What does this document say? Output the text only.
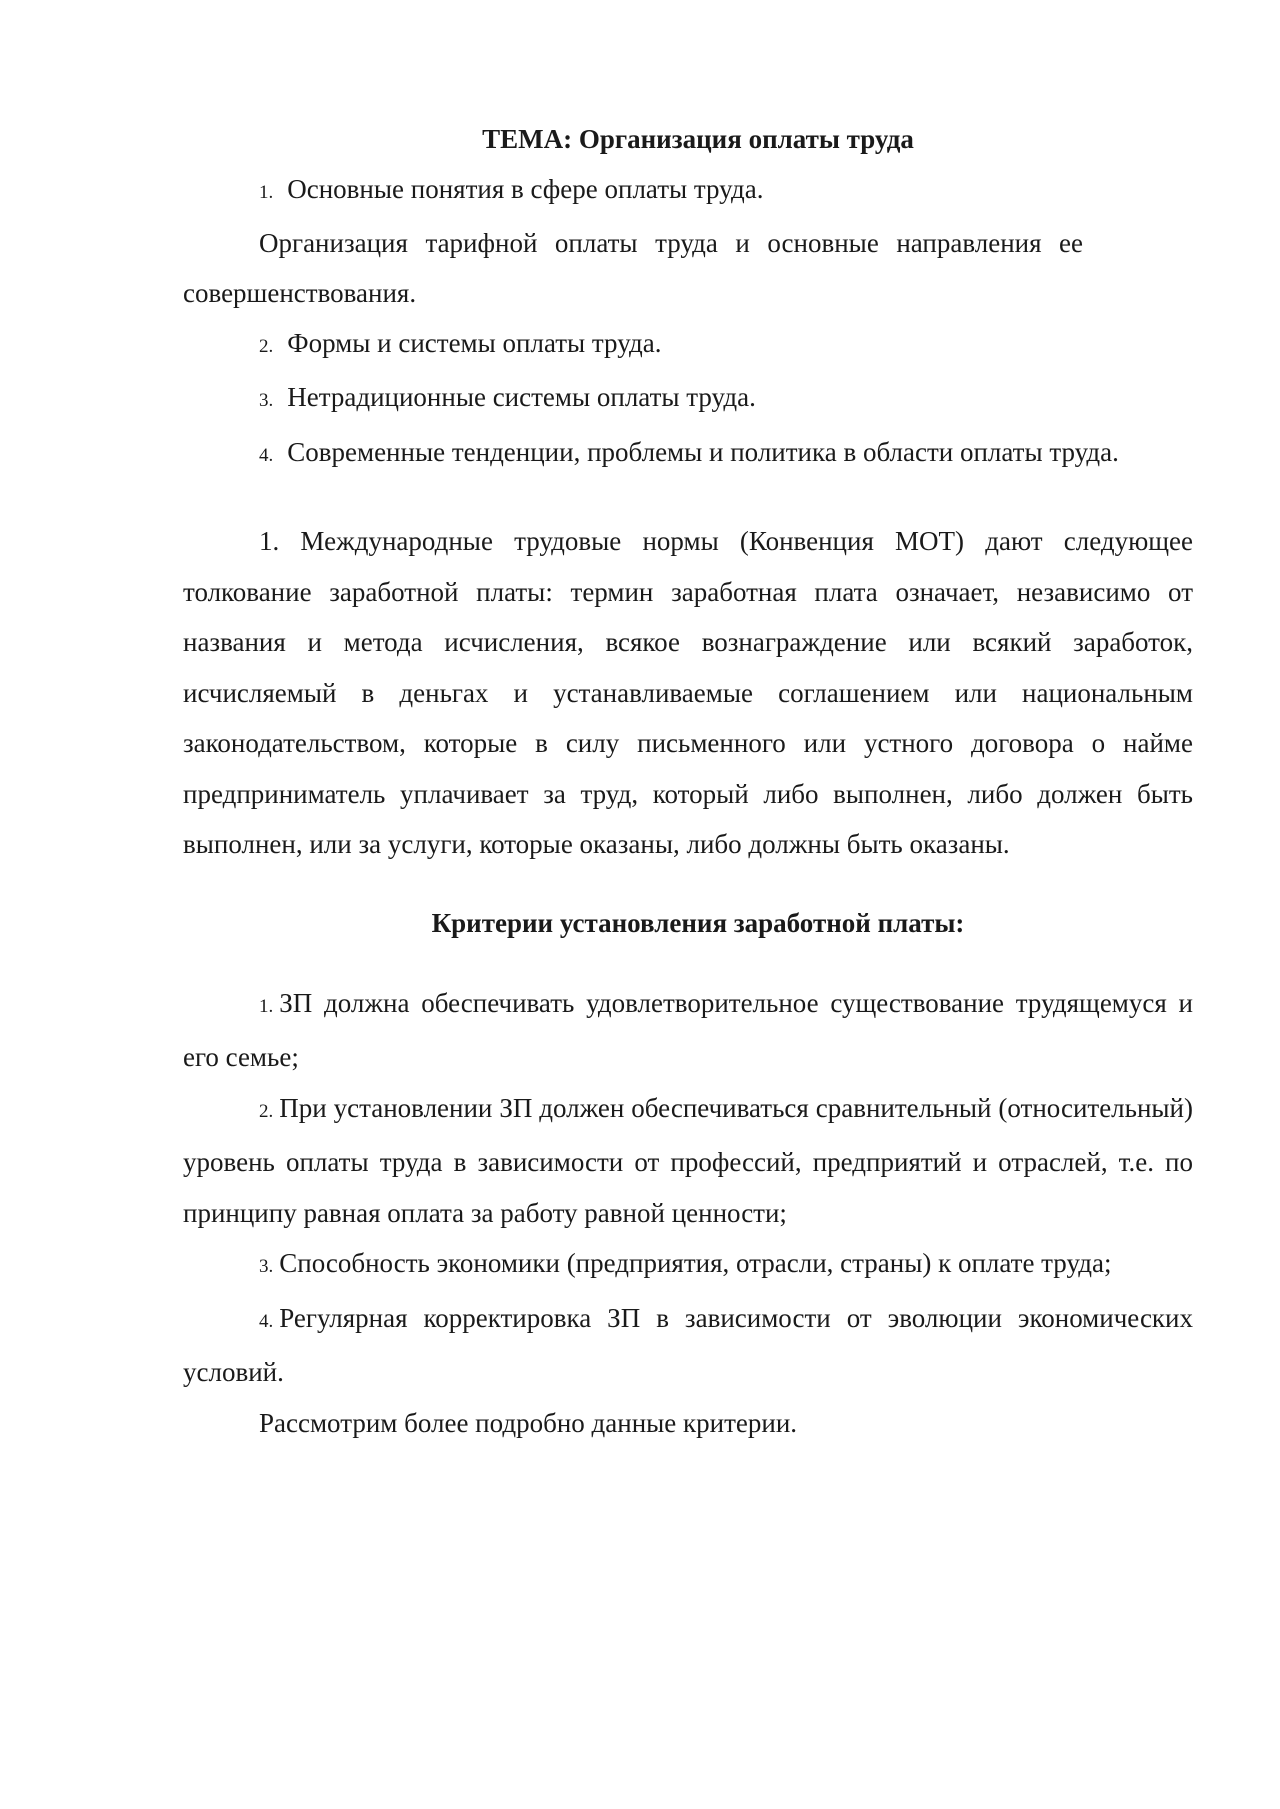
ТЕМА: Организация оплаты труда
1. Основные понятия в сфере оплаты труда.
Организация тарифной оплаты труда и основные направления ее совершенствования.
2. Формы и системы оплаты труда.
3. Нетрадиционные системы оплаты труда.
4. Современные тенденции, проблемы и политика в области оплаты труда.
1. Международные трудовые нормы (Конвенция МОТ) дают следующее толкование заработной платы: термин заработная плата означает, независимо от названия и метода исчисления, всякое вознаграждение или всякий заработок, исчисляемый в деньгах и устанавливаемые соглашением или национальным законодательством, которые в силу письменного или устного договора о найме предприниматель уплачивает за труд, который либо выполнен, либо должен быть выполнен, или за услуги, которые оказаны, либо должны быть оказаны.
Критерии установления заработной платы:
1. ЗП должна обеспечивать удовлетворительное существование трудящемуся и его семье;
2. При установлении ЗП должен обеспечиваться сравнительный (относительный) уровень оплаты труда в зависимости от профессий, предприятий и отраслей, т.е. по принципу равная оплата за работу равной ценности;
3. Способность экономики (предприятия, отрасли, страны) к оплате труда;
4. Регулярная корректировка ЗП в зависимости от эволюции экономических условий.
Рассмотрим более подробно данные критерии.
